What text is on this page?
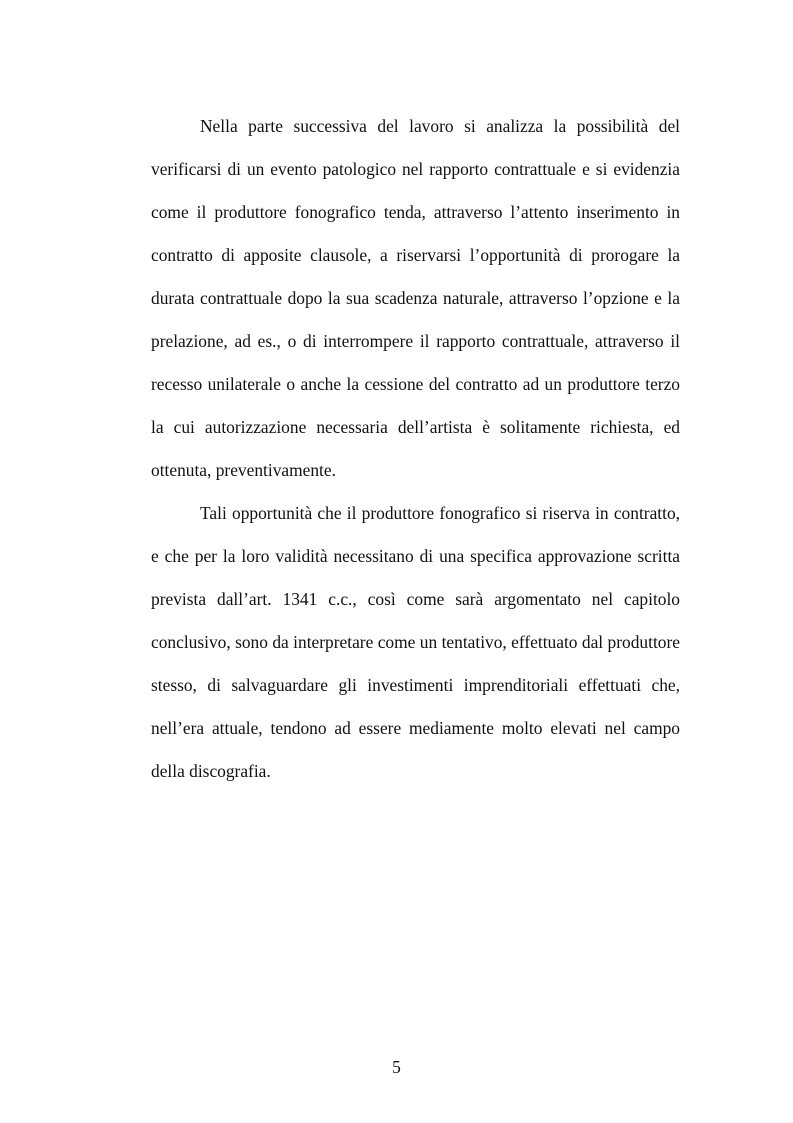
Nella parte successiva del lavoro si analizza la possibilità del verificarsi di un evento patologico nel rapporto contrattuale e si evidenzia come il produttore fonografico tenda, attraverso l’attento inserimento in contratto di apposite clausole, a riservarsi l’opportunità di prorogare la durata contrattuale dopo la sua scadenza naturale, attraverso l’opzione e la prelazione, ad es., o di interrompere il rapporto contrattuale, attraverso il recesso unilaterale o anche la cessione del contratto ad un produttore terzo la cui autorizzazione necessaria dell’artista è solitamente richiesta, ed ottenuta, preventivamente.

Tali opportunità che il produttore fonografico si riserva in contratto, e che per la loro validità necessitano di una specifica approvazione scritta prevista dall’art. 1341 c.c., così come sarà argomentato nel capitolo conclusivo, sono da interpretare come un tentativo, effettuato dal produttore stesso, di salvaguardare gli investimenti imprenditoriali effettuati che, nell’era attuale, tendono ad essere mediamente molto elevati nel campo della discografia.

5
